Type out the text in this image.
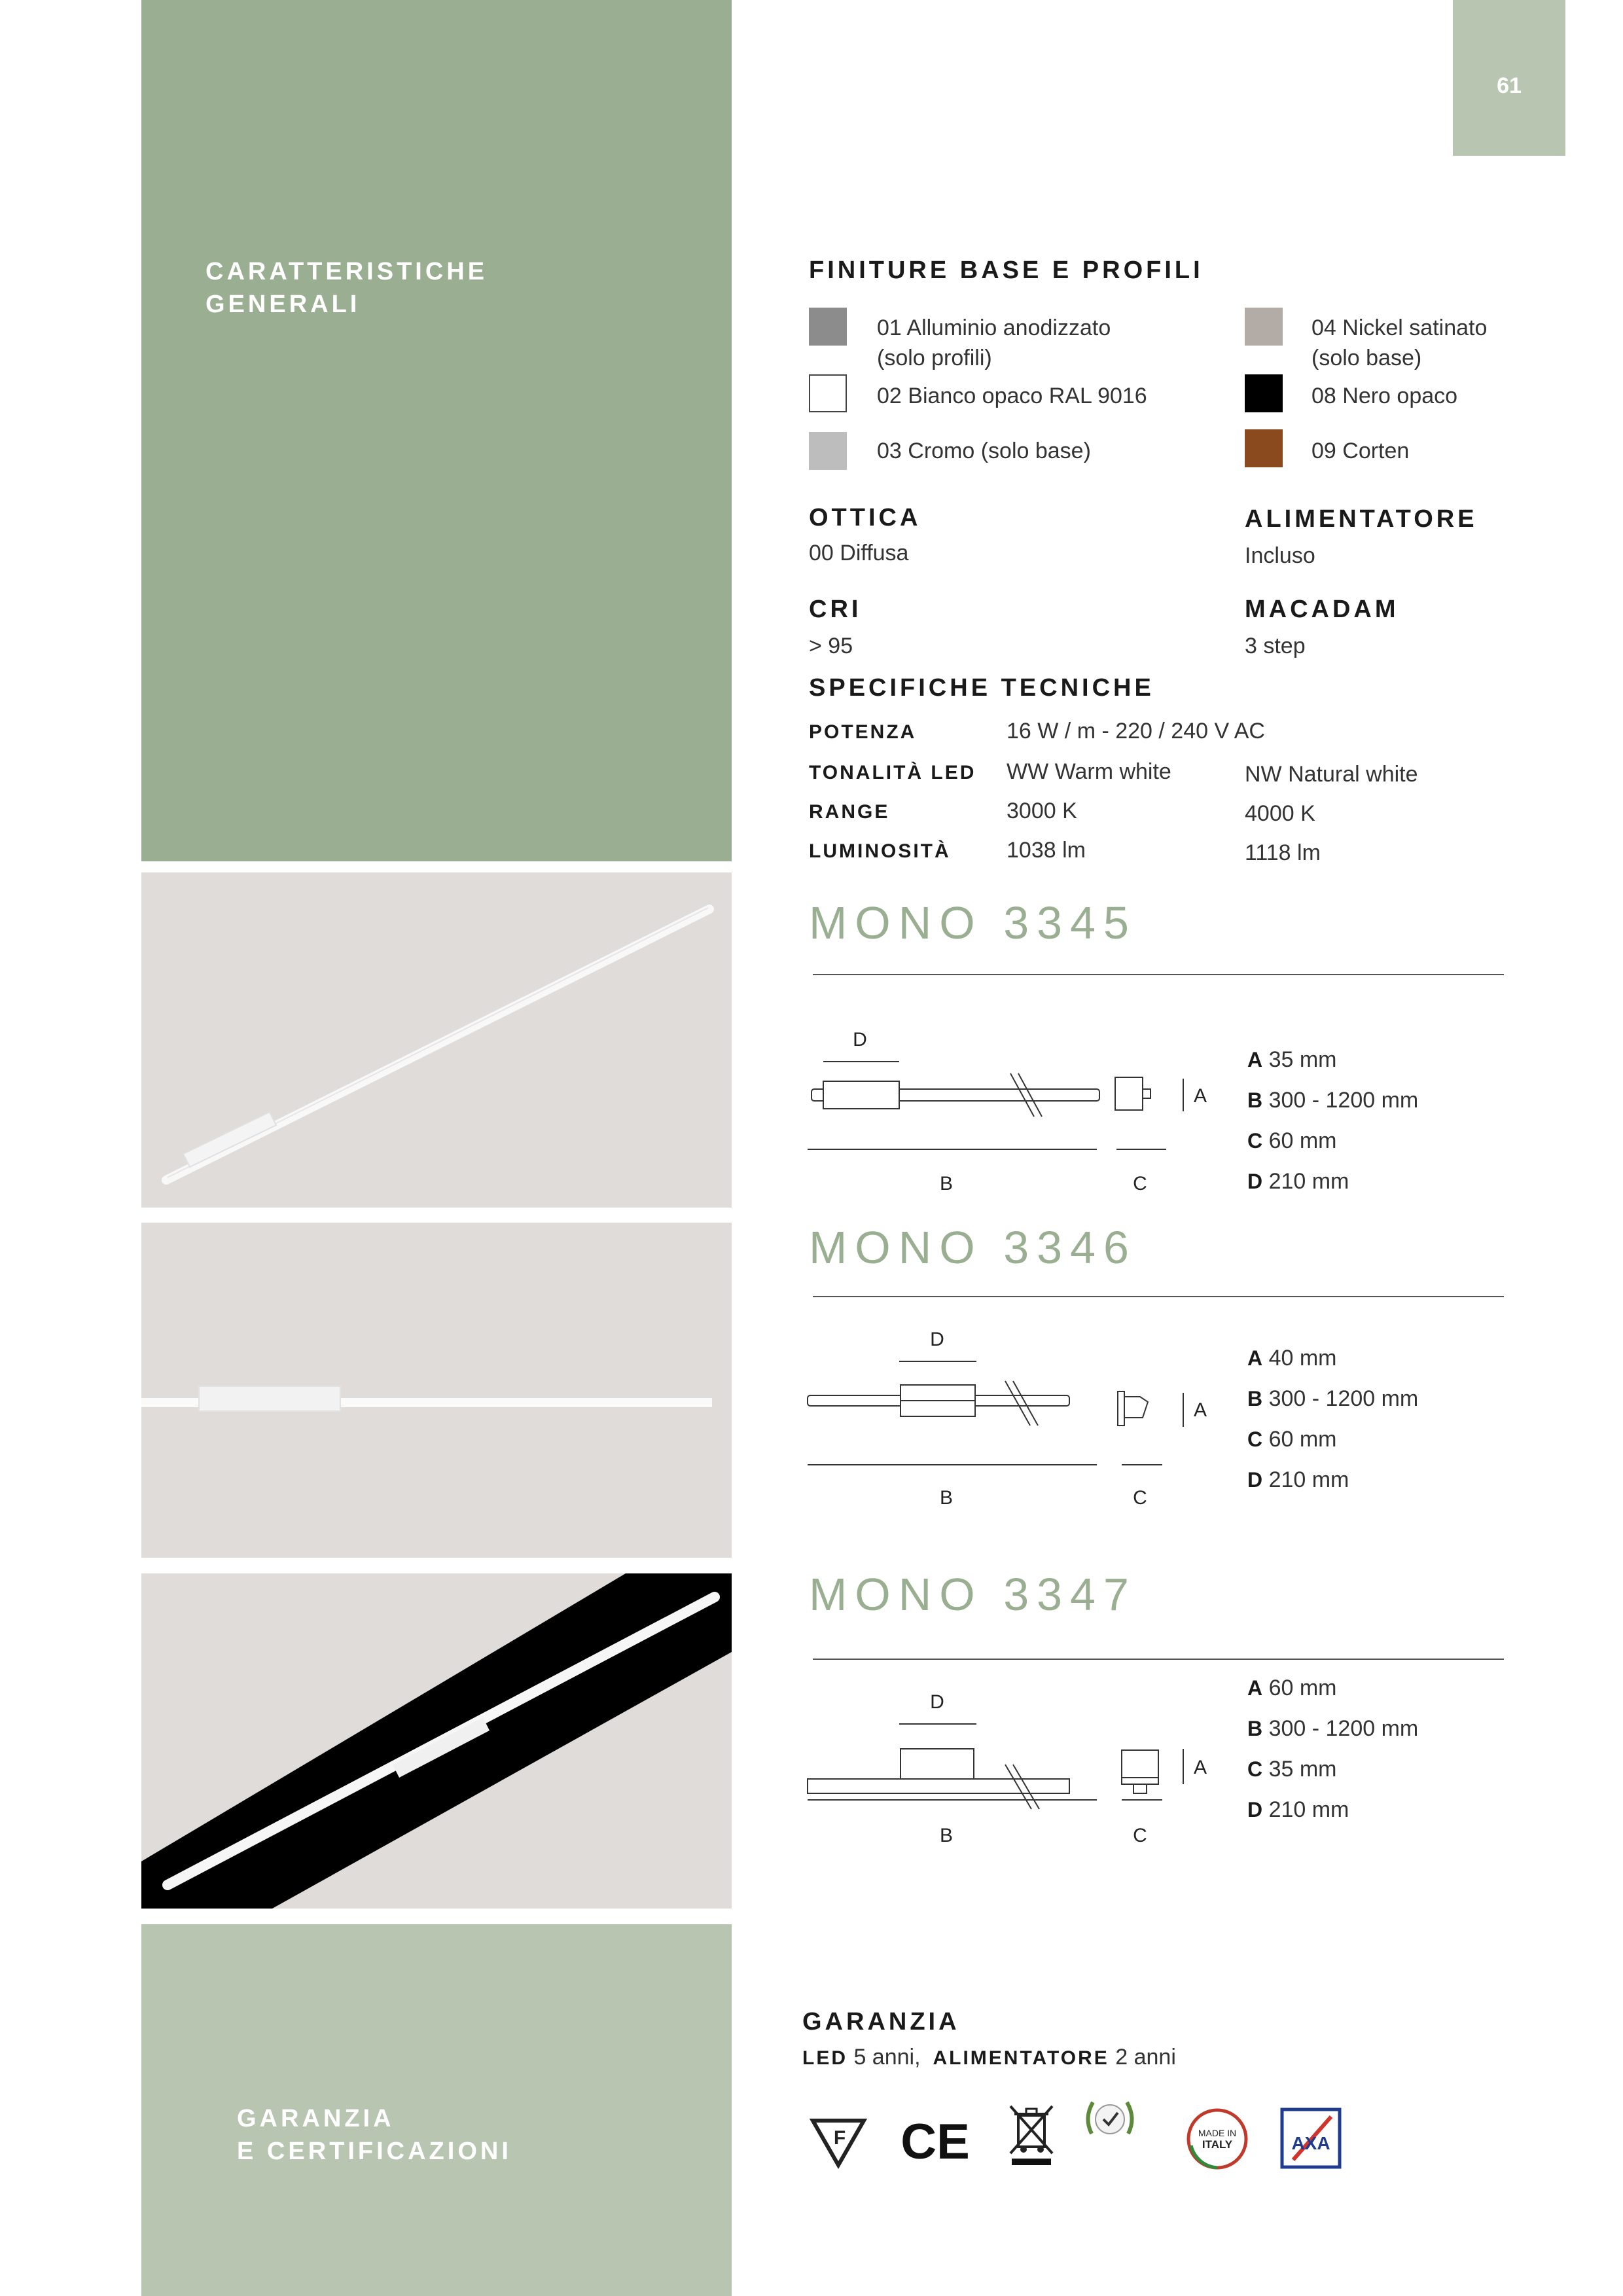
CARATTERISTICHE
GENERALI
GARANZIA
E CERTIFICAZIONI
61
FINITURE BASE E PROFILI
01 Alluminio anodizzato
(solo profili)
02 Bianco opaco RAL 9016
03 Cromo (solo base)
04 Nickel satinato
(solo base)
08 Nero opaco
09 Corten
OTTICA
00 Diffusa
ALIMENTATORE
Incluso
CRI
> 95
MACADAM
3 step
SPECIFICHE TECNICHE
POTENZA	16 W / m - 220 / 240 V AC
TONALITÀ LED WW Warm white	NW Natural white
RANGE	3000 K	4000 K
LUMINOSITÀ	1038 lm	1118 lm
MONO 3345
D
A
B	C
A 35 mm
B 300 - 1200 mm
C 60 mm
D 210 mm
MONO 3346
D
A
B	C
A 40 mm
B 300 - 1200 mm
C 60 mm
D 210 mm
MONO 3347
D
A
B	C
A 60 mm
B 300 - 1200 mm
C 35 mm
D 210 mm
GARANZIA
LED 5 anni, ALIMENTATORE 2 anni
F CE	MADE IN
ITALY	AXA
